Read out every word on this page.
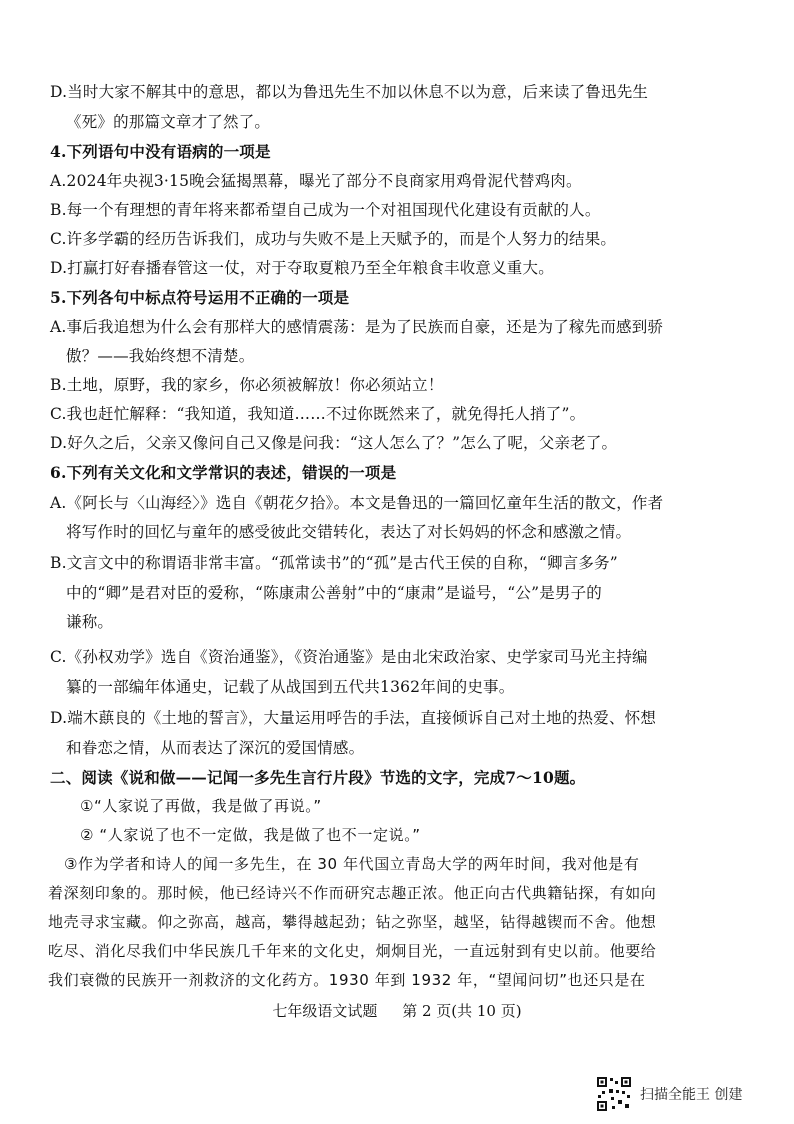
D.当时大家不解其中的意思，都以为鲁迅先生不加以休息不以为意，后来读了鲁迅先生
《死》的那篇文章才了然了。
4.下列语句中没有语病的一项是
A.2024年央视3·15晚会猛揭黑幕，曝光了部分不良商家用鸡骨泥代替鸡肉。
B.每一个有理想的青年将来都希望自己成为一个对祖国现代化建设有贡献的人。
C.许多学霸的经历告诉我们，成功与失败不是上天赋予的，而是个人努力的结果。
D.打赢打好春播春管这一仗，对于夺取夏粮乃至全年粮食丰收意义重大。
5.下列各句中标点符号运用不正确的一项是
A.事后我追想为什么会有那样大的感情震荡：是为了民族而自豪，还是为了稼先而感到骄
傲？——我始终想不清楚。
B.土地，原野，我的家乡，你必须被解放！你必须站立！
C.我也赶忙解释：“我知道，我知道……不过你既然来了，就免得托人捎了”。
D.好久之后，父亲又像问自己又像是问我：“这人怎么了？”怎么了呢，父亲老了。
6.下列有关文化和文学常识的表述，错误的一项是
A.《阿长与〈山海经〉》选自《朝花夕拾》。本文是鲁迅的一篇回忆童年生活的散文，作者
将写作时的回忆与童年的感受彼此交错转化，表达了对长妈妈的怀念和感激之情。
B.文言文中的称谓语非常丰富。“孤常读书”的“孤”是古代王侯的自称，“卿言多务”
中的“卿”是君对臣的爱称，“陈康肃公善射”中的“康肃”是谥号，“公”是男子的
谦称。
C.《孙权劝学》选自《资治通鉴》，《资治通鉴》是由北宋政治家、史学家司马光主持编
纂的一部编年体通史，记载了从战国到五代共1362年间的史事。
D.端木蕻良的《土地的誓言》，大量运用呼告的手法，直接倾诉自己对土地的热爱、怀想
和眷恋之情，从而表达了深沉的爱国情感。
二、阅读《说和做——记闻一多先生言行片段》节选的文字，完成7～10题。
①“人家说了再做，我是做了再说。”
② “人家说了也不一定做，我是做了也不一定说。”
③作为学者和诗人的闻一多先生，在 30 年代国立青岛大学的两年时间，我对他是有
着深刻印象的。那时候，他已经诗兴不作而研究志趣正浓。他正向古代典籍钻探，有如向
地壳寻求宝藏。仰之弥高，越高，攀得越起劲；钻之弥坚，越坚，钻得越锲而不舍。他想
吃尽、消化尽我们中华民族几千年来的文化史，炯炯目光，一直远射到有史以前。他要给
我们衰微的民族开一剂救济的文化药方。1930 年到 1932 年，“望闻问切”也还只是在
七年级语文试题 第 2 页(共 10 页)
扫描全能王 创建
